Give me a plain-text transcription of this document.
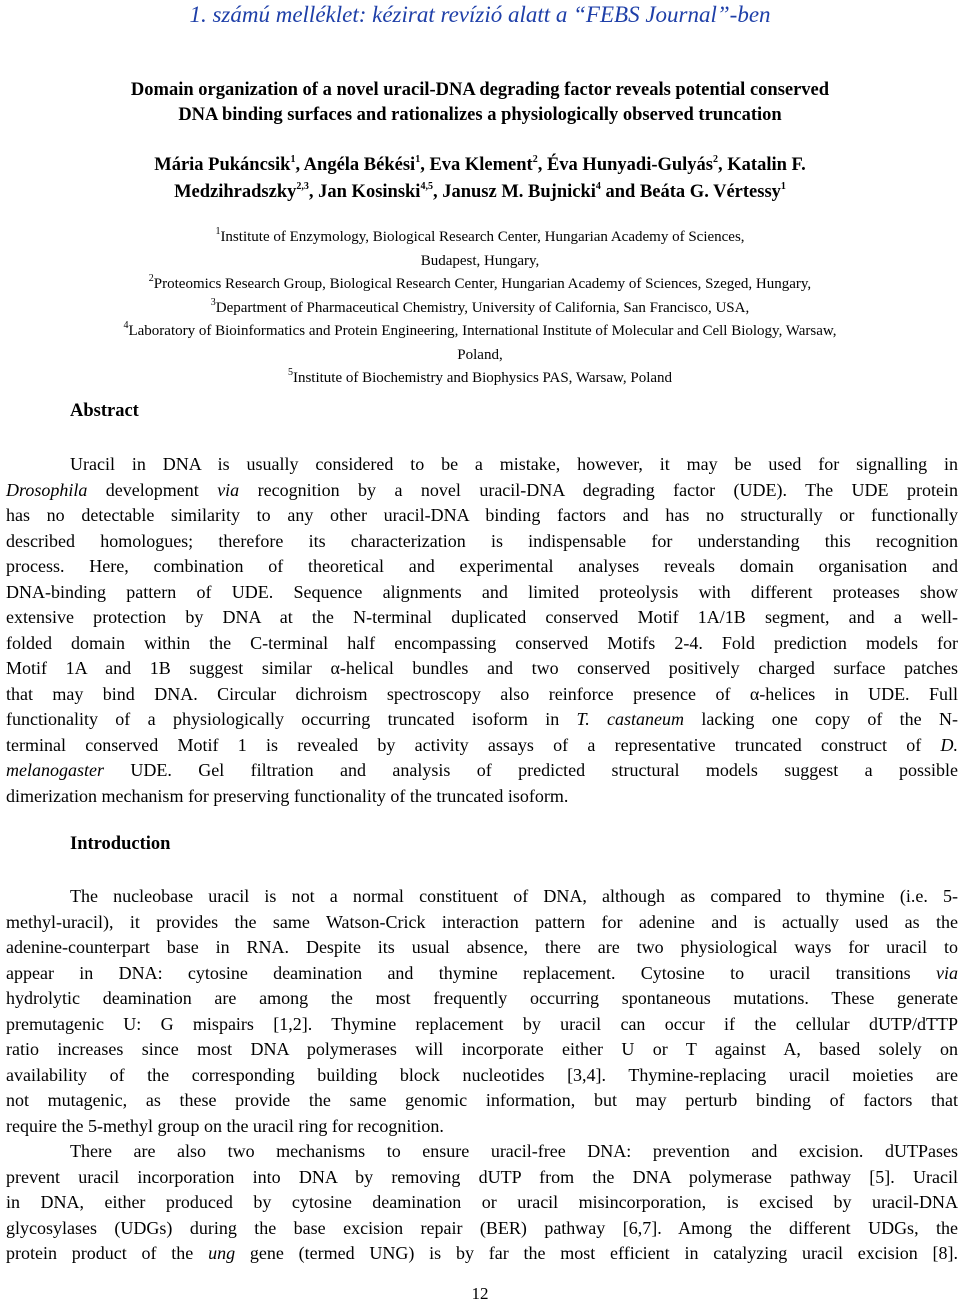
1. számú melléklet: kézirat revízió alatt a “FEBS Journal”-ben
Domain organization of a novel uracil-DNA degrading factor reveals potential conserved
DNA binding surfaces and rationalizes a physiologically observed truncation
Mária Pukáncsik$^1$, Angéla Békési$^1$, Eva Klement$^2$, Éva Hunyadi-Gulyás$^2$, Katalin F.
Medzihradszky$^{2,3}$, Jan Kosinski$^{4,5}$, Janusz M. Bujnicki$^4$ and Beáta G. Vértessy$^1$
$^1$Institute of Enzymology, Biological Research Center, Hungarian Academy of Sciences,
Budapest, Hungary,
$^2$Proteomics Research Group, Biological Research Center, Hungarian Academy of Sciences, Szeged, Hungary,
$^3$Department of Pharmaceutical Chemistry, University of California, San Francisco, USA,
$^4$Laboratory of Bioinformatics and Protein Engineering, International Institute of Molecular and Cell Biology, Warsaw,
Poland,
$^5$Institute of Biochemistry and Biophysics PAS, Warsaw, Poland
Abstract
Uracil in DNA is usually considered to be a mistake, however, it may be used for signalling in
Drosophila development via recognition by a novel uracil-DNA degrading factor (UDE). The UDE protein
has no detectable similarity to any other uracil-DNA binding factors and has no structurally or functionally
described homologues; therefore its characterization is indispensable for understanding this recognition
process. Here, combination of theoretical and experimental analyses reveals domain organisation and
DNA-binding pattern of UDE. Sequence alignments and limited proteolysis with different proteases show
extensive protection by DNA at the N-terminal duplicated conserved Motif 1A/1B segment, and a well-
folded domain within the C-terminal half encompassing conserved Motifs 2-4. Fold prediction models for
Motif 1A and 1B suggest similar α-helical bundles and two conserved positively charged surface patches
that may bind DNA. Circular dichroism spectroscopy also reinforce presence of α-helices in UDE. Full
functionality of a physiologically occurring truncated isoform in T. castaneum lacking one copy of the N-
terminal conserved Motif 1 is revealed by activity assays of a representative truncated construct of D.
melanogaster UDE. Gel filtration and analysis of predicted structural models suggest a possible
dimerization mechanism for preserving functionality of the truncated isoform.
Introduction
The nucleobase uracil is not a normal constituent of DNA, although as compared to thymine (i.e. 5-
methyl-uracil), it provides the same Watson-Crick interaction pattern for adenine and is actually used as the
adenine-counterpart base in RNA. Despite its usual absence, there are two physiological ways for uracil to
appear in DNA: cytosine deamination and thymine replacement. Cytosine to uracil transitions via
hydrolytic deamination are among the most frequently occurring spontaneous mutations. These generate
premutagenic U: G mispairs [1,2]. Thymine replacement by uracil can occur if the cellular dUTP/dTTP
ratio increases since most DNA polymerases will incorporate either U or T against A, based solely on
availability of the corresponding building block nucleotides [3,4]. Thymine-replacing uracil moieties are
not mutagenic, as these provide the same genomic information, but may perturb binding of factors that
require the 5-methyl group on the uracil ring for recognition.
There are also two mechanisms to ensure uracil-free DNA: prevention and excision. dUTPases
prevent uracil incorporation into DNA by removing dUTP from the DNA polymerase pathway [5]. Uracil
in DNA, either produced by cytosine deamination or uracil misincorporation, is excised by uracil-DNA
glycosylases (UDGs) during the base excision repair (BER) pathway [6,7]. Among the different UDGs, the
protein product of the ung gene (termed UNG) is by far the most efficient in catalyzing uracil excision [8].
12
